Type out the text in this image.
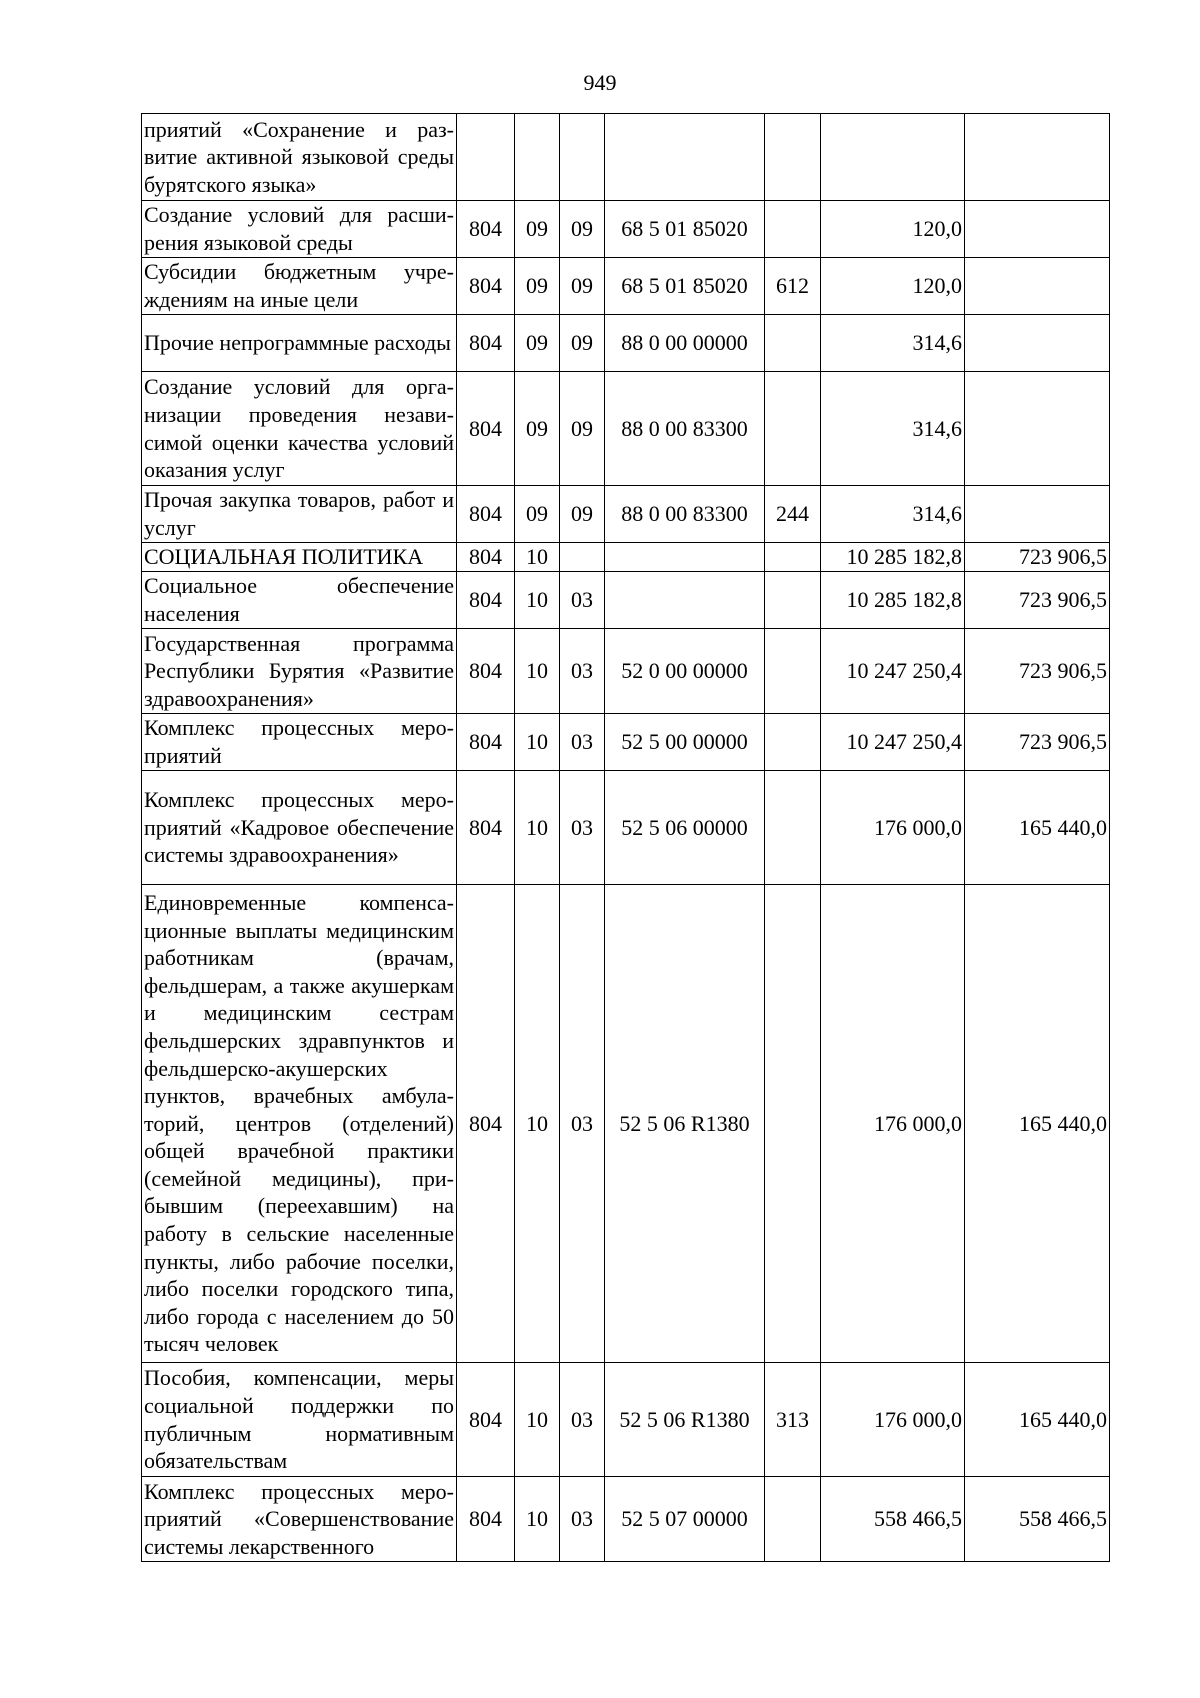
949
приятий «Сохранение и развитие активной языковой среды бурятского языка»							
Создание условий для расширения языковой среды	804	09	09	68 5 01 85020		120,0	
Субсидии бюджетным учреждениям на иные цели	804	09	09	68 5 01 85020	612	120,0	
Прочие непрограммные расходы	804	09	09	88 0 00 00000		314,6	
Создание условий для организации проведения независимой оценки качества условий оказания услуг	804	09	09	88 0 00 83300		314,6	
Прочая закупка товаров, работ и услуг	804	09	09	88 0 00 83300	244	314,6	
СОЦИАЛЬНАЯ ПОЛИТИКА	804	10				10 285 182,8	723 906,5
Социальное обеспечение населения	804	10	03			10 285 182,8	723 906,5
Государственная программа Республики Бурятия «Развитие здравоохранения»	804	10	03	52 0 00 00000		10 247 250,4	723 906,5
Комплекс процессных мероприятий	804	10	03	52 5 00 00000		10 247 250,4	723 906,5
Комплекс процессных мероприятий «Кадровое обеспечение системы здравоохранения»	804	10	03	52 5 06 00000		176 000,0	165 440,0
Единовременные компенсационные выплаты медицинским работникам (врачам, фельдшерам, а также акушеркам и медицинским сестрам фельдшерских здравпунктов и фельдшерско-акушерских пунктов, врачебных амбулаторий, центров (отделений) общей врачебной практики (семейной медицины), прибывшим (переехавшим) на работу в сельские населенные пункты, либо рабочие поселки, либо поселки городского типа, либо города с населением до 50 тысяч человек	804	10	03	52 5 06 R1380		176 000,0	165 440,0
Пособия, компенсации, меры социальной поддержки по публичным нормативным обязательствам	804	10	03	52 5 06 R1380	313	176 000,0	165 440,0
Комплекс процессных мероприятий «Совершенствование системы лекарственного	804	10	03	52 5 07 00000		558 466,5	558 466,5
